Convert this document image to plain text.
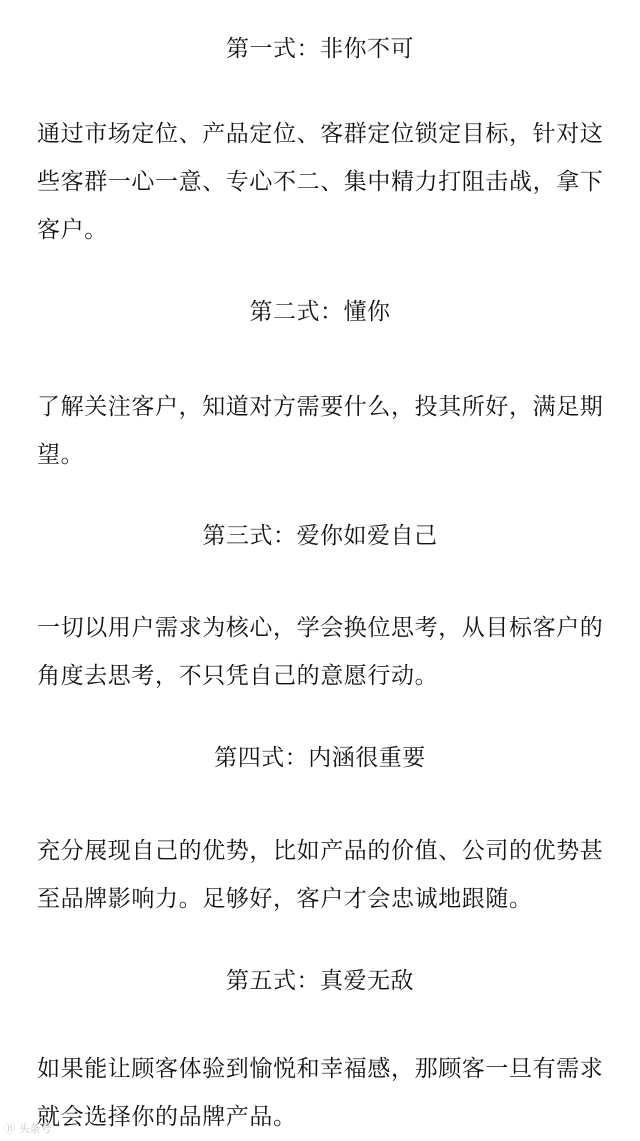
第一式：非你不可
通过市场定位、产品定位、客群定位锁定目标，针对这
些客群一心一意、专心不二、集中精力打阻击战，拿下
客户。
第二式：懂你
了解关注客户，知道对方需要什么，投其所好，满足期
望。
第三式：爱你如爱自己
一切以用户需求为核心，学会换位思考，从目标客户的
角度去思考，不只凭自己的意愿行动。
第四式：内涵很重要
充分展现自己的优势，比如产品的价值、公司的优势甚
至品牌影响力。足够好，客户才会忠诚地跟随。
第五式：真爱无敌
如果能让顾客体验到愉悦和幸福感，那顾客一旦有需求
就会选择你的品牌产品。
Ⓑ 头条号
